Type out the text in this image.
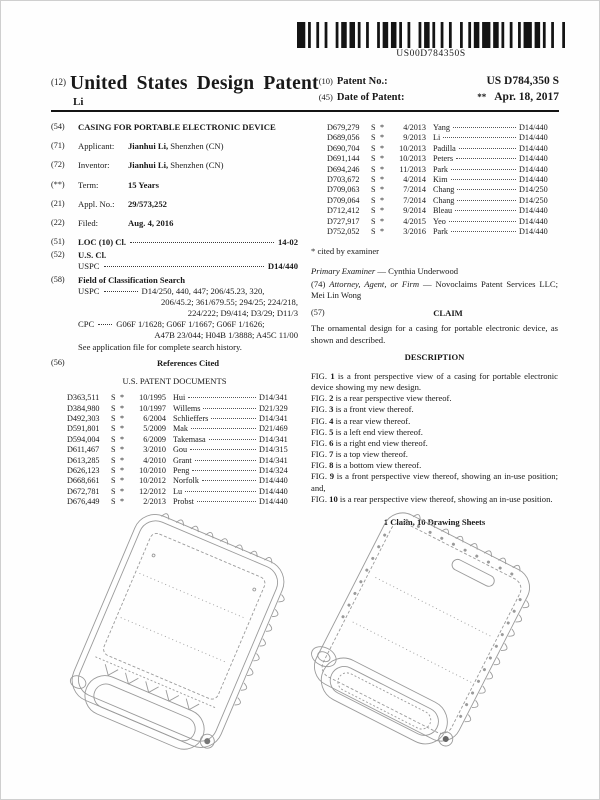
US00D784350S
$^{(12)}$ United States Design Patent
Li
(10) Patent No.:	US D784,350 S
(45) Date of Patent:	** Apr. 18, 2017
(54)	CASING FOR PORTABLE ELECTRONIC DEVICE
(71)	Applicant:	Jianhui Li, Shenzhen (CN)
(72)	Inventor:	Jianhui Li, Shenzhen (CN)
(**)	Term:	15 Years
(21)	Appl. No.:	29/573,252
(22)	Filed:	Aug. 4, 2016
(51)	LOC (10) Cl.	14-02
(52)	U.S. Cl.
USPC	D14/440
(58)	Field of Classification Search
USPC	D14/250, 440, 447; 206/45.23, 320,
206/45.2; 361/679.55; 294/25; 224/218,
224/222; D9/414; D3/29; D11/3
CPC	G06F 1/1628; G06F 1/1667; G06F 1/1626;
A47B 23/044; H04B 1/3888; A45C 11/00
See application file for complete search history.
(56)	References Cited
U.S. PATENT DOCUMENTS
D363,511	S *	10/1995 Hui	D14/341
D384,980	S *	10/1997 Willems	D21/329
D492,303	S *	6/2004 Schlieffers	D14/341
D591,801	S *	5/2009 Mak	D21/469
D594,004	S *	6/2009 Takemasa	D14/341
D611,467	S *	3/2010 Gou	D14/315
D613,285	S *	4/2010 Grant	D14/341
D626,123	S *	10/2010 Peng	D14/324
D668,661	S *	10/2012 Norfolk	D14/440
D672,781	S *	12/2012 Lu	D14/440
D676,449	S *	2/2013 Probst	D14/440
D679,279	S *	4/2013 Yang	D14/440
D689,056	S *	9/2013 Li	D14/440
D690,704	S *	10/2013 Padilla	D14/440
D691,144	S *	10/2013 Peters	D14/440
D694,246	S *	11/2013 Park	D14/440
D703,672	S *	4/2014 Kim	D14/440
D709,063	S *	7/2014 Chang	D14/250
D709,064	S *	7/2014 Chang	D14/250
D712,412	S *	9/2014 Bleau	D14/440
D727,917	S *	4/2015 Yeo	D14/440
D752,052	S *	3/2016 Park	D14/440
* cited by examiner
Primary Examiner — Cynthia Underwood
(74) Attorney, Agent, or Firm — Novoclaims Patent Services LLC; Mei Lin Wong
(57)	CLAIM
The ornamental design for a casing for portable electronic device, as shown and described.
DESCRIPTION

FIG. 1 is a front perspective view of a casing for portable electronic device showing my new design.

FIG. 2 is a rear perspective view thereof.

FIG. 3 is a front view thereof.

FIG. 4 is a rear view thereof.

FIG. 5 is a left end view thereof.

FIG. 6 is a right end view thereof.

FIG. 7 is a top view thereof.

FIG. 8 is a bottom view thereof.

FIG. 9 is a front perspective view thereof, showing an in-use position; and,

FIG. 10 is a rear perspective view thereof, showing an in-use position.

1 Claim, 10 Drawing Sheets
